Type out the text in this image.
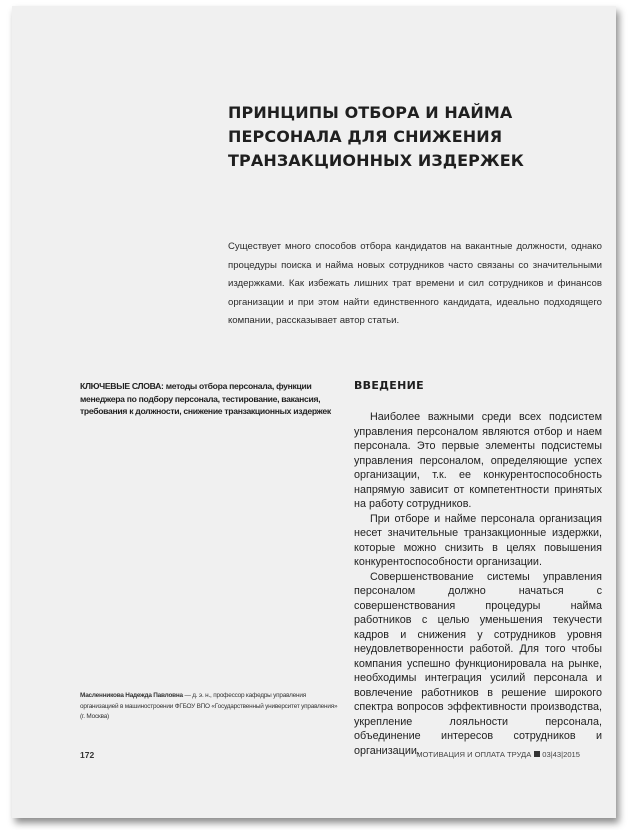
ПРИНЦИПЫ ОТБОРА И НАЙМА ПЕРСОНАЛА ДЛЯ СНИЖЕНИЯ ТРАНЗАКЦИОННЫХ ИЗДЕРЖЕК

Существует много способов отбора кандидатов на вакантные должности, однако процедуры поиска и найма новых сотрудников часто связаны со значительными издержками. Как избежать лишних трат времени и сил сотрудников и финансов организации и при этом найти единственного кандидата, идеально подходящего компании, рассказывает автор статьи.

КЛЮЧЕВЫЕ СЛОВА: методы отбора персонала, функции менеджера по подбору персонала, тестирование, вакансия, требования к должности, снижение транзакционных издержек
Масленникова Надежда Павловна — д. э. н., профессор кафедры управления организацией в машиностроении ФГБОУ ВПО «Государственный университет управления» (г. Москва)
ВВЕДЕНИЕ

Наиболее важными среди всех подсистем управления персоналом являются отбор и наем персонала. Это первые элементы подсистемы управления персоналом, определяющие успех организации, т.к. ее конкурентоспособность напрямую зависит от компетентности принятых на работу сотрудников.

При отборе и найме персонала организация несет значительные транзакционные издержки, которые можно снизить в целях повышения конкурентоспособности организации.

Совершенствование системы управления персоналом должно начаться с совершенствования процедуры найма работников с целью уменьшения текучести кадров и снижения у сотрудников уровня неудовлетворенности работой. Для того чтобы компания успешно функционировала на рынке, необходимы интеграция усилий персонала и вовлечение работников в решение широкого спектра вопросов эффективности производства, укрепление лояльности персонала, объединение интересов сотрудников и организации.

172	МОТИВАЦИЯ И ОПЛАТА ТРУДА 03|43|2015
